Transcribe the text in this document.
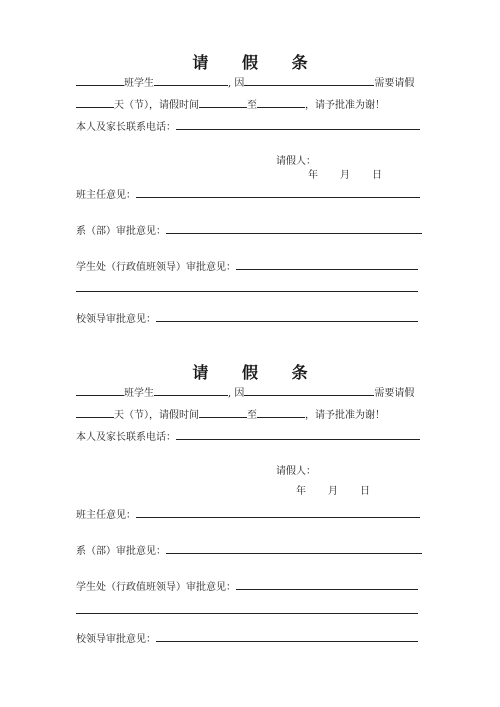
请 假 条
班学生	, 因	需要请假
天（节），请假时间	至	，请予批准为谢！
本人及家长联系电话：
请假人：
年 月 日
班主任意见：
系（部）审批意见：
学生处（行政值班领导）审批意见：
校领导审批意见：
请 假 条
班学生	, 因	需要请假
天（节），请假时间	至	，请予批准为谢！
本人及家长联系电话：
请假人：
年 月 日
班主任意见：
系（部）审批意见：
学生处（行政值班领导）审批意见：
校领导审批意见：
